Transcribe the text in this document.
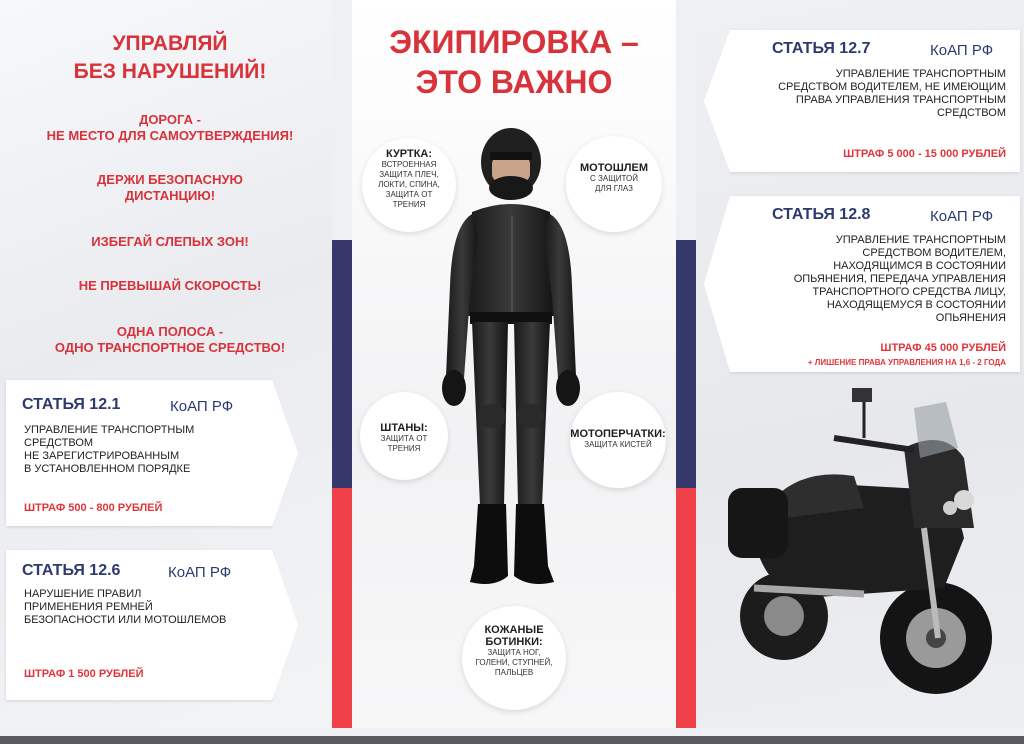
УПРАВЛЯЙ
БЕЗ НАРУШЕНИЙ!
ДОРОГА -
НЕ МЕСТО ДЛЯ САМОУТВЕРЖДЕНИЯ!
ДЕРЖИ БЕЗОПАСНУЮ
ДИСТАНЦИЮ!
ИЗБЕГАЙ СЛЕПЫХ ЗОН!
НЕ ПРЕВЫШАЙ СКОРОСТЬ!
ОДНА ПОЛОСА -
ОДНО ТРАНСПОРТНОЕ СРЕДСТВО!
СТАТЬЯ 12.1	КоАП РФ
УПРАВЛЕНИЕ ТРАНСПОРТНЫМ
СРЕДСТВОМ
НЕ ЗАРЕГИСТРИРОВАННЫМ
В УСТАНОВЛЕННОМ ПОРЯДКЕ
ШТРАФ 500 - 800 РУБЛЕЙ
СТАТЬЯ 12.6	КоАП РФ
НАРУШЕНИЕ ПРАВИЛ
ПРИМЕНЕНИЯ РЕМНЕЙ
БЕЗОПАСНОСТИ ИЛИ МОТОШЛЕМОВ
ШТРАФ 1 500 РУБЛЕЙ
ЭКИПИРОВКА –
ЭТО ВАЖНО
КУРТКА:
ВСТРОЕННАЯ
ЗАЩИТА ПЛЕЧ,
ЛОКТИ, СПИНА,
ЗАЩИТА ОТ
ТРЕНИЯ
МОТОШЛЕМ
С ЗАЩИТОЙ
ДЛЯ ГЛАЗ
ШТАНЫ:
ЗАЩИТА ОТ
ТРЕНИЯ
МОТОПЕРЧАТКИ:
ЗАЩИТА КИСТЕЙ
КОЖАНЫЕ
БОТИНКИ:
ЗАЩИТА НОГ,
ГОЛЕНИ, СТУПНЕЙ,
ПАЛЬЦЕВ
СТАТЬЯ 12.7	КоАП РФ
УПРАВЛЕНИЕ ТРАНСПОРТНЫМ
СРЕДСТВОМ ВОДИТЕЛЕМ, НЕ ИМЕЮЩИМ
ПРАВА УПРАВЛЕНИЯ ТРАНСПОРТНЫМ
СРЕДСТВОМ
ШТРАФ 5 000 - 15 000 РУБЛЕЙ
СТАТЬЯ 12.8	КоАП РФ
УПРАВЛЕНИЕ ТРАНСПОРТНЫМ
СРЕДСТВОМ ВОДИТЕЛЕМ,
НАХОДЯЩИМСЯ В СОСТОЯНИИ
ОПЬЯНЕНИЯ, ПЕРЕДАЧА УПРАВЛЕНИЯ
ТРАНСПОРТНОГО СРЕДСТВА ЛИЦУ,
НАХОДЯЩЕМУСЯ В СОСТОЯНИИ
ОПЬЯНЕНИЯ
ШТРАФ 45 000 РУБЛЕЙ
+ ЛИШЕНИЕ ПРАВА УПРАВЛЕНИЯ НА 1,6 - 2 ГОДА
